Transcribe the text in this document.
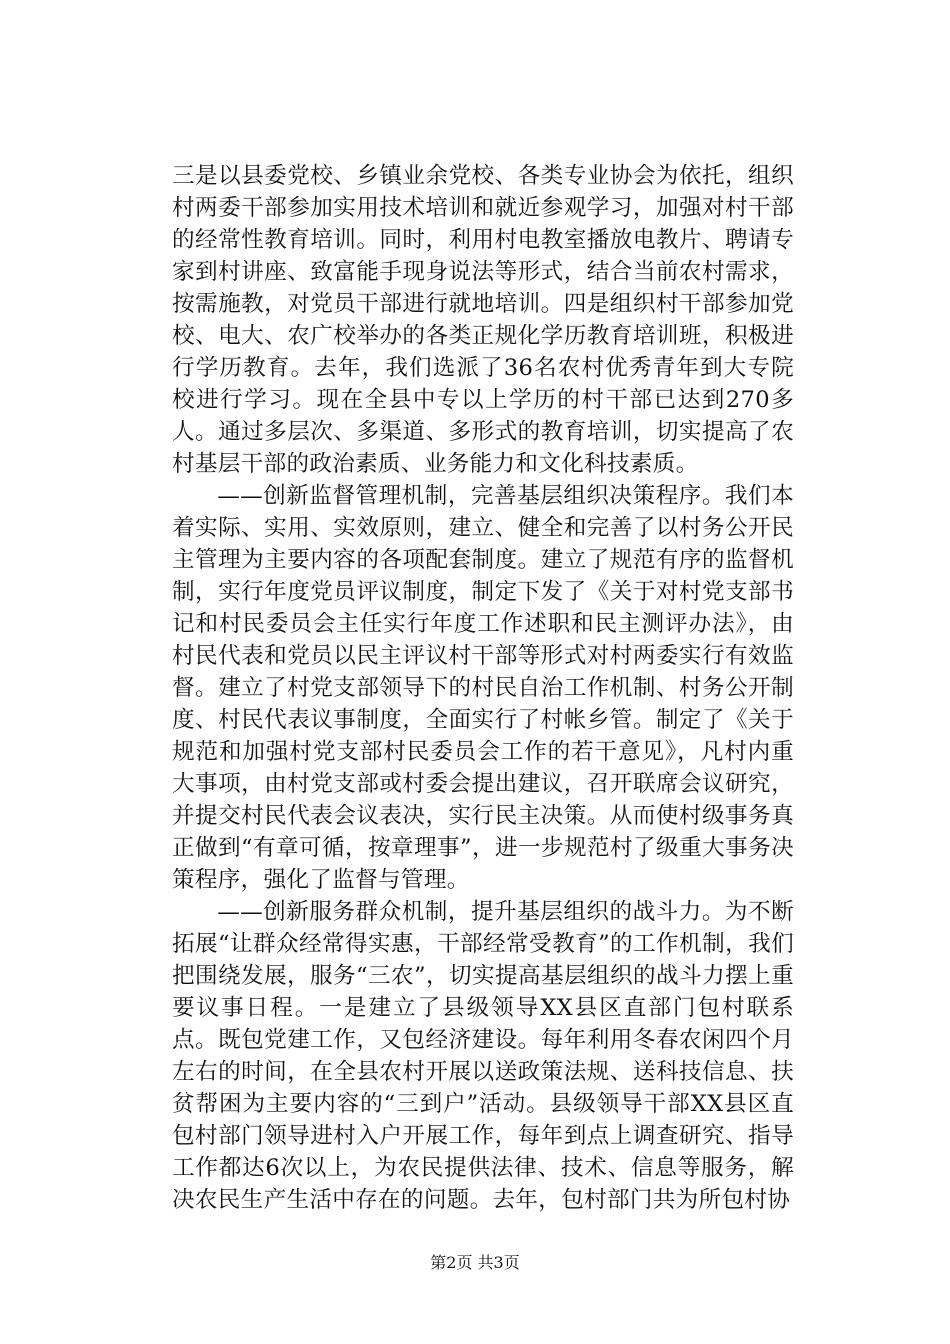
三是以县委党校、乡镇业余党校、各类专业协会为依托，组织村两委干部参加实用技术培训和就近参观学习，加强对村干部的经常性教育培训。同时，利用村电教室播放电教片、聘请专家到村讲座、致富能手现身说法等形式，结合当前农村需求，按需施教，对党员干部进行就地培训。四是组织村干部参加党校、电大、农广校举办的各类正规化学历教育培训班，积极进行学历教育。去年，我们选派了36名农村优秀青年到大专院校进行学习。现在全县中专以上学历的村干部已达到270多人。通过多层次、多渠道、多形式的教育培训，切实提高了农村基层干部的政治素质、业务能力和文化科技素质。

——创新监督管理机制，完善基层组织决策程序。我们本着实际、实用、实效原则，建立、健全和完善了以村务公开民主管理为主要内容的各项配套制度。建立了规范有序的监督机制，实行年度党员评议制度，制定下发了《关于对村党支部书记和村民委员会主任实行年度工作述职和民主测评办法》，由村民代表和党员以民主评议村干部等形式对村两委实行有效监督。建立了村党支部领导下的村民自治工作机制、村务公开制度、村民代表议事制度，全面实行了村帐乡管。制定了《关于规范和加强村党支部村民委员会工作的若干意见》，凡村内重大事项，由村党支部或村委会提出建议，召开联席会议研究，并提交村民代表会议表决，实行民主决策。从而使村级事务真正做到“有章可循，按章理事”，进一步规范村了级重大事务决策程序，强化了监督与管理。

——创新服务群众机制，提升基层组织的战斗力。为不断拓展“让群众经常得实惠，干部经常受教育”的工作机制，我们把围绕发展，服务“三农”，切实提高基层组织的战斗力摆上重要议事日程。一是建立了县级领导XX县区直部门包村联系点。既包党建工作，又包经济建设。每年利用冬春农闲四个月左右的时间，在全县农村开展以送政策法规、送科技信息、扶贫帮困为主要内容的“三到户”活动。县级领导干部XX县区直包村部门领导进村入户开展工作，每年到点上调查研究、指导工作都达6次以上，为农民提供法律、技术、信息等服务，解决农民生产生活中存在的问题。去年，包村部门共为所包村协

第2页 共3页
